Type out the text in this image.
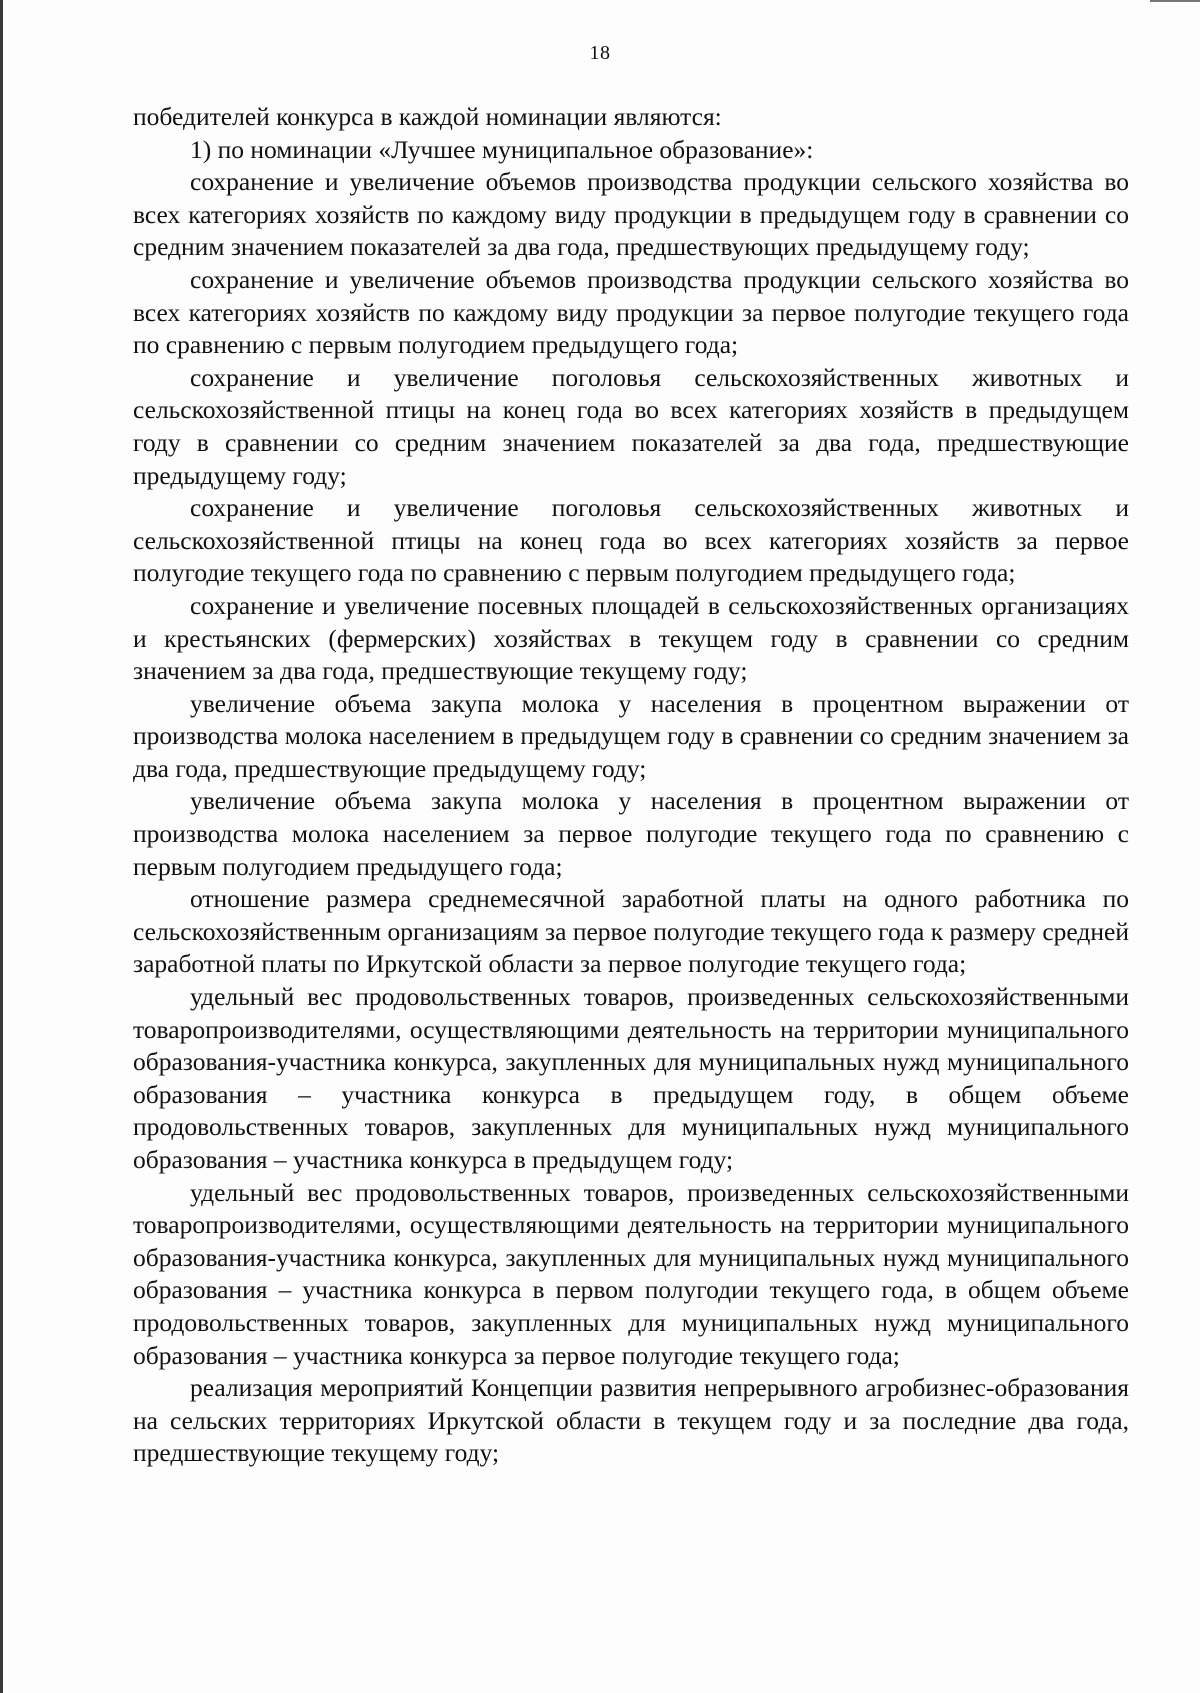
18

победителей конкурса в каждой номинации являются:

1) по номинации «Лучшее муниципальное образование»:

сохранение и увеличение объемов производства продукции сельского хозяйства во всех категориях хозяйств по каждому виду продукции в предыдущем году в сравнении со средним значением показателей за два года, предшествующих предыдущему году;

сохранение и увеличение объемов производства продукции сельского хозяйства во всех категориях хозяйств по каждому виду продукции за первое полугодие текущего года по сравнению с первым полугодием предыдущего года;

сохранение и увеличение поголовья сельскохозяйственных животных и сельскохозяйственной птицы на конец года во всех категориях хозяйств в предыдущем году в сравнении со средним значением показателей за два года, предшествующие предыдущему году;

сохранение и увеличение поголовья сельскохозяйственных животных и сельскохозяйственной птицы на конец года во всех категориях хозяйств за первое полугодие текущего года по сравнению с первым полугодием предыдущего года;

сохранение и увеличение посевных площадей в сельскохозяйственных организациях и крестьянских (фермерских) хозяйствах в текущем году в сравнении со средним значением за два года, предшествующие текущему году;

увеличение объема закупа молока у населения в процентном выражении от производства молока населением в предыдущем году в сравнении со средним значением за два года, предшествующие предыдущему году;

увеличение объема закупа молока у населения в процентном выражении от производства молока населением за первое полугодие текущего года по сравнению с первым полугодием предыдущего года;

отношение размера среднемесячной заработной платы на одного работника по сельскохозяйственным организациям за первое полугодие текущего года к размеру средней заработной платы по Иркутской области за первое полугодие текущего года;

удельный вес продовольственных товаров, произведенных сельскохозяйственными товаропроизводителями, осуществляющими деятельность на территории муниципального образования-участника конкурса, закупленных для муниципальных нужд муниципального образования – участника конкурса в предыдущем году, в общем объеме продовольственных товаров, закупленных для муниципальных нужд муниципального образования – участника конкурса в предыдущем году;

удельный вес продовольственных товаров, произведенных сельскохозяйственными товаропроизводителями, осуществляющими деятельность на территории муниципального образования-участника конкурса, закупленных для муниципальных нужд муниципального образования – участника конкурса в первом полугодии текущего года, в общем объеме продовольственных товаров, закупленных для муниципальных нужд муниципального образования – участника конкурса за первое полугодие текущего года;

реализация мероприятий Концепции развития непрерывного агробизнес-образования на сельских территориях Иркутской области в текущем году и за последние два года, предшествующие текущему году;
